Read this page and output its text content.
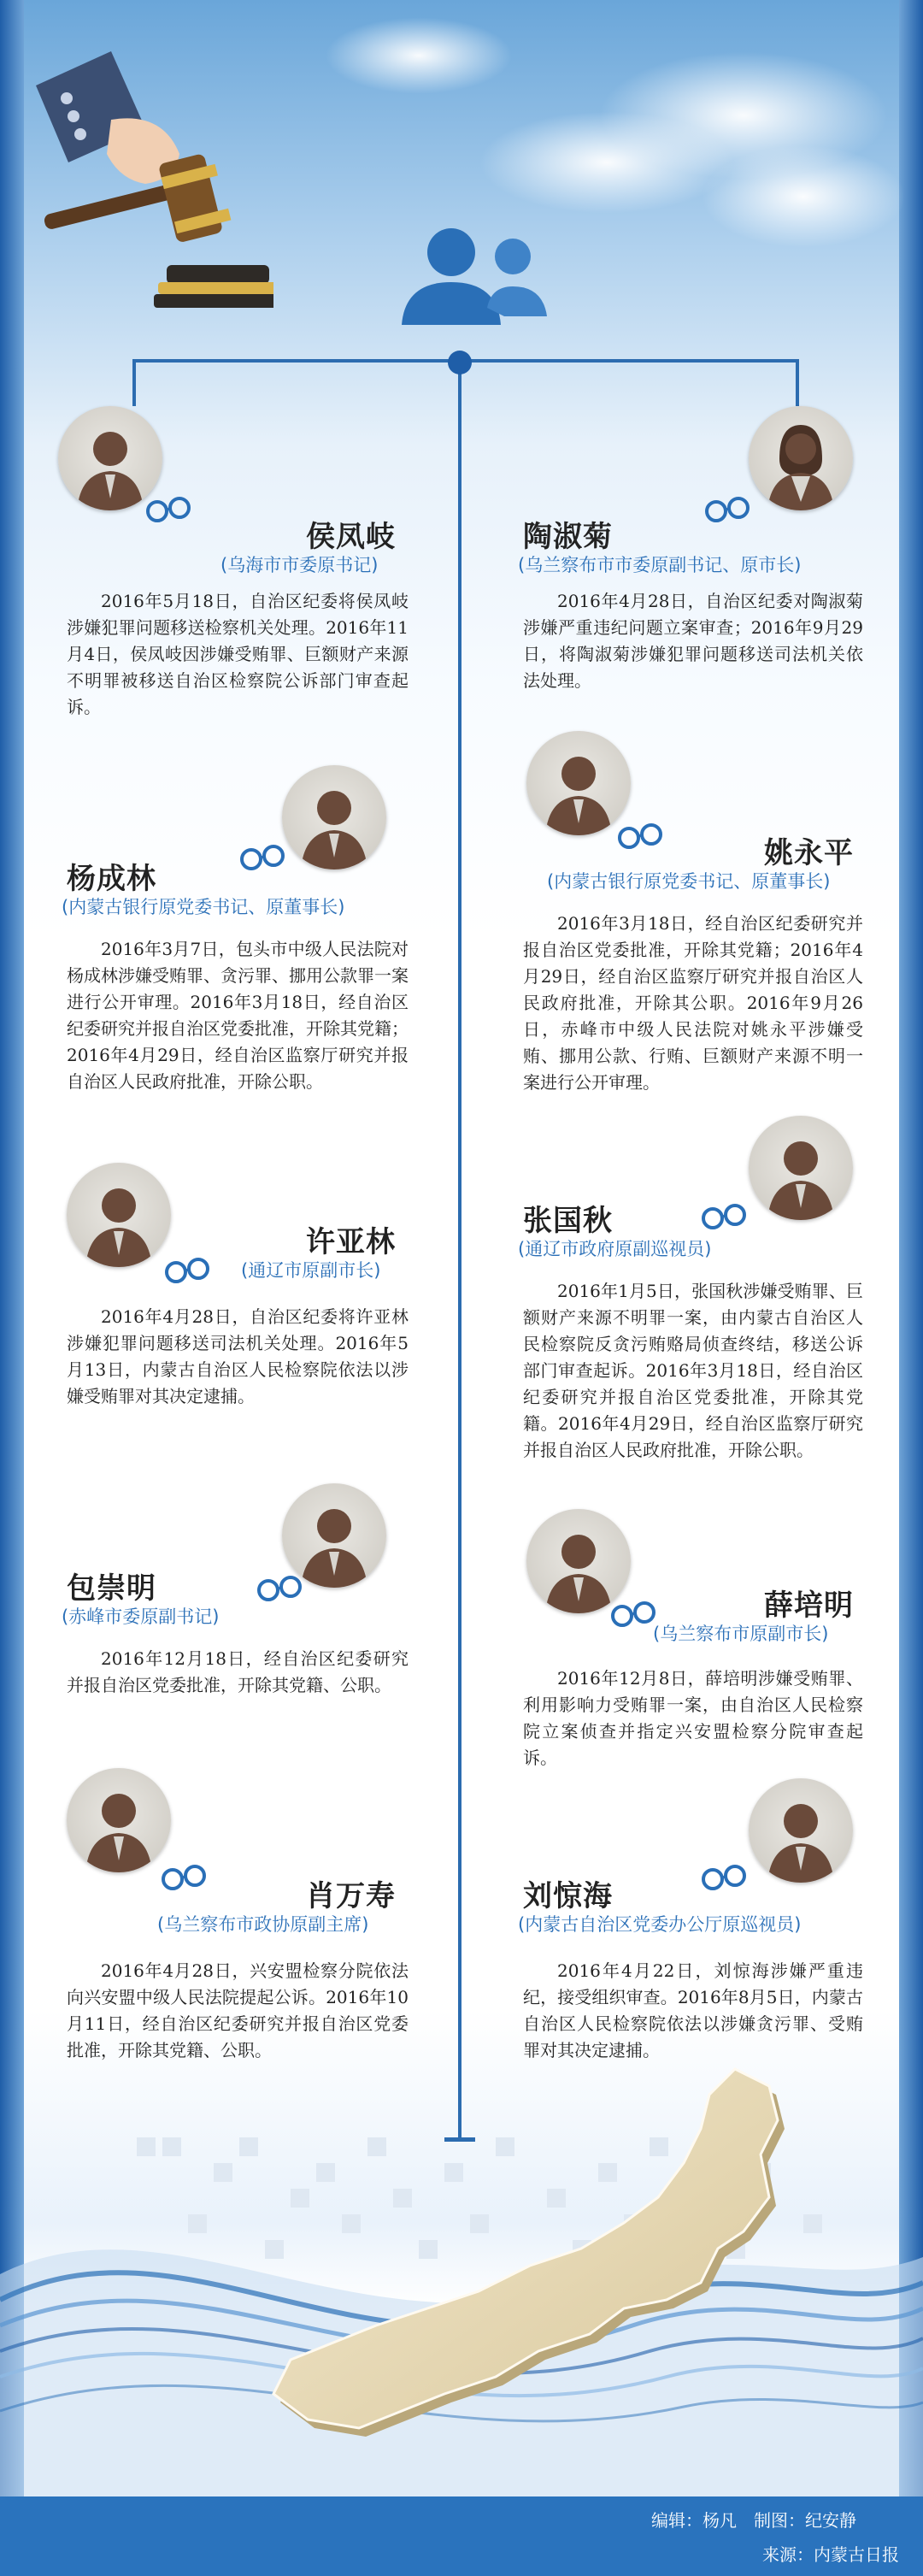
侯凤岐
(乌海市市委原书记)
2016年5月18日，自治区纪委将侯凤岐涉嫌犯罪问题移送检察机关处理。2016年11月4日，侯凤岐因涉嫌受贿罪、巨额财产来源不明罪被移送自治区检察院公诉部门审查起诉。
杨成林
(内蒙古银行原党委书记、原董事长)
2016年3月7日，包头市中级人民法院对杨成林涉嫌受贿罪、贪污罪、挪用公款罪一案进行公开审理。2016年3月18日，经自治区纪委研究并报自治区党委批准，开除其党籍；2016年4月29日，经自治区监察厅研究并报自治区人民政府批准，开除公职。
许亚林
(通辽市原副市长)
2016年4月28日，自治区纪委将许亚林涉嫌犯罪问题移送司法机关处理。2016年5月13日，内蒙古自治区人民检察院依法以涉嫌受贿罪对其决定逮捕。
包崇明
(赤峰市委原副书记)
2016年12月18日，经自治区纪委研究并报自治区党委批准，开除其党籍、公职。
肖万寿
(乌兰察布市政协原副主席)
2016年4月28日，兴安盟检察分院依法向兴安盟中级人民法院提起公诉。2016年10月11日，经自治区纪委研究并报自治区党委批准，开除其党籍、公职。
陶淑菊
(乌兰察布市市委原副书记、原市长)
2016年4月28日，自治区纪委对陶淑菊涉嫌严重违纪问题立案审查；2016年9月29日，将陶淑菊涉嫌犯罪问题移送司法机关依法处理。
姚永平
(内蒙古银行原党委书记、原董事长)
2016年3月18日，经自治区纪委研究并报自治区党委批准，开除其党籍；2016年4月29日，经自治区监察厅研究并报自治区人民政府批准，开除其公职。2016年9月26日，赤峰市中级人民法院对姚永平涉嫌受贿、挪用公款、行贿、巨额财产来源不明一案进行公开审理。
张国秋
(通辽市政府原副巡视员)
2016年1月5日，张国秋涉嫌受贿罪、巨额财产来源不明罪一案，由内蒙古自治区人民检察院反贪污贿赂局侦查终结，移送公诉部门审查起诉。2016年3月18日，经自治区纪委研究并报自治区党委批准，开除其党籍。2016年4月29日，经自治区监察厅研究并报自治区人民政府批准，开除公职。
薛培明
(乌兰察布市原副市长)
2016年12月8日，薛培明涉嫌受贿罪、利用影响力受贿罪一案，由自治区人民检察院立案侦查并指定兴安盟检察分院审查起诉。
刘惊海
(内蒙古自治区党委办公厅原巡视员)
2016年4月22日，刘惊海涉嫌严重违纪，接受组织审查。2016年8月5日，内蒙古自治区人民检察院依法以涉嫌贪污罪、受贿罪对其决定逮捕。
编辑：杨凡　制图：纪安静
来源：内蒙古日报
